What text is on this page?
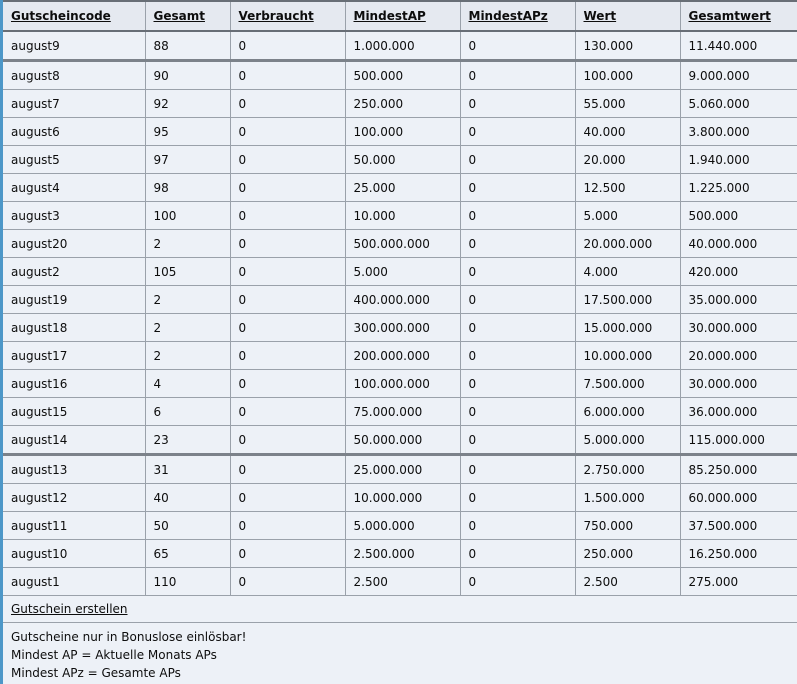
Gutscheincode	Gesamt	Verbraucht	MindestAP	MindestAPz	Wert	Gesamtwert
august9	88	0	1.000.000	0	130.000	11.440.000
august8	90	0	500.000	0	100.000	9.000.000
august7	92	0	250.000	0	55.000	5.060.000
august6	95	0	100.000	0	40.000	3.800.000
august5	97	0	50.000	0	20.000	1.940.000
august4	98	0	25.000	0	12.500	1.225.000
august3	100	0	10.000	0	5.000	500.000
august20	2	0	500.000.000	0	20.000.000	40.000.000
august2	105	0	5.000	0	4.000	420.000
august19	2	0	400.000.000	0	17.500.000	35.000.000
august18	2	0	300.000.000	0	15.000.000	30.000.000
august17	2	0	200.000.000	0	10.000.000	20.000.000
august16	4	0	100.000.000	0	7.500.000	30.000.000
august15	6	0	75.000.000	0	6.000.000	36.000.000
august14	23	0	50.000.000	0	5.000.000	115.000.000
august13	31	0	25.000.000	0	2.750.000	85.250.000
august12	40	0	10.000.000	0	1.500.000	60.000.000
august11	50	0	5.000.000	0	750.000	37.500.000
august10	65	0	2.500.000	0	250.000	16.250.000
august1	110	0	2.500	0	2.500	275.000
Gutschein erstellen						

Gutscheine nur in Bonuslose einlösbar!
Mindest AP = Aktuelle Monats APs
Mindest APz = Gesamte APs						
